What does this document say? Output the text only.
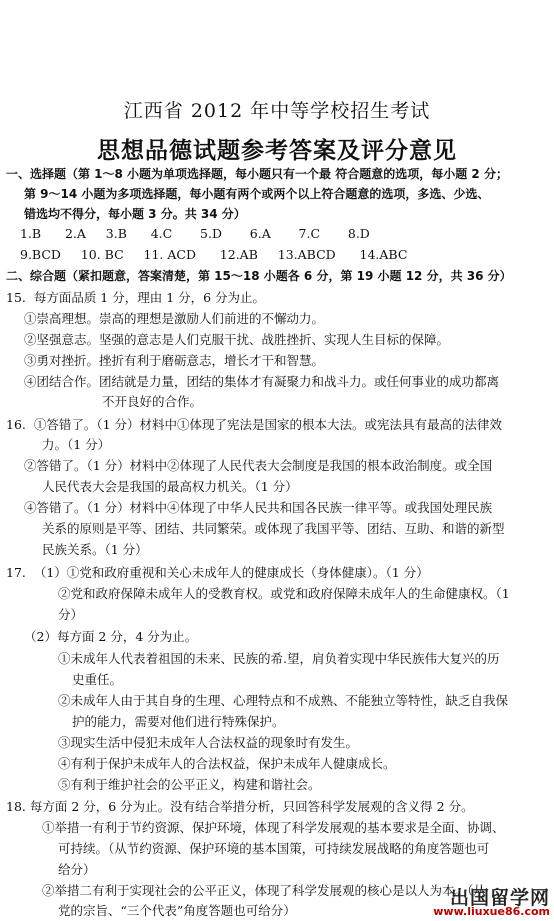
江西省 2012 年中等学校招生考试
思想品德试题参考答案及评分意见
一、选择题（第 1～8 小题为单项选择题，每小题只有一个最 符合题意的选项，每小题 2 分；
第 9～14 小题为多项选择题，每小题有两个或两个以上符合题意的选项，多选、少选、
错选均不得分，每小题 3 分。共 34 分）
1.B      2.A     3.B      4.C       5.D       6.A       7.C       8.D
9.BCD     10. BC     11. ACD      12.AB     13.ABCD      14.ABC
二、综合题（紧扣题意，答案清楚，第 15～18 小题各 6 分，第 19 小题 12 分，共 36 分）
15.  每方面品质 1 分，理由 1 分，6 分为止。
①崇高理想。崇高的理想是激励人们前进的不懈动力。
②坚强意志。坚强的意志是人们克服干扰、战胜挫折、实现人生目标的保障。
③勇对挫折。挫折有利于磨砺意志，增长才干和智慧。
④团结合作。团结就是力量，团结的集体才有凝聚力和战斗力。或任何事业的成功都离
不开良好的合作。
16.  ①答错了。（1 分）材料中①体现了宪法是国家的根本大法。或宪法具有最高的法律效
力。（1 分）
②答错了。（1 分）材料中②体现了人民代表大会制度是我国的根本政治制度。或全国
人民代表大会是我国的最高权力机关。（1 分）
④答错了。（1 分）材料中④体现了中华人民共和国各民族一律平等。或我国处理民族
关系的原则是平等、团结、共同繁荣。或体现了我国平等、团结、互助、和谐的新型
民族关系。（1 分）
17.  （1）①党和政府重视和关心未成年人的健康成长（身体健康）。（1 分）
②党和政府保障未成年人的受教育权。或党和政府保障未成年人的生命健康权。（1
分）
（2）每方面 2 分，4 分为止。
①未成年人代表着祖国的未来、民族的希.望，肩负着实现中华民族伟大复兴的历
史重任。
②未成年人由于其自身的生理、心理特点和不成熟、不能独立等特性，缺乏自我保
护的能力，需要对他们进行特殊保护。
③现实生活中侵犯未成年人合法权益的现象时有发生。
④有利于保护未成年人的合法权益，保护未成年人健康成长。
⑤有利于维护社会的公平正义，构建和谐社会。
18. 每方面 2 分，6 分为止。没有结合举措分析，只回答科学发展观的含义得 2 分。
①举措一有利于节约资源、保护环境，体现了科学发展观的基本要求是全面、协调、
可持续。（从节约资源、保护环境的基本国策，可持续发展战略的角度答题也可
给分）
②举措二有利于实现社会的公平正义，体现了科学发展观的核心是以人为本。（从
党的宗旨、“三个代表”角度答题也可给分）
出国留学网
www.liuxue86.com
